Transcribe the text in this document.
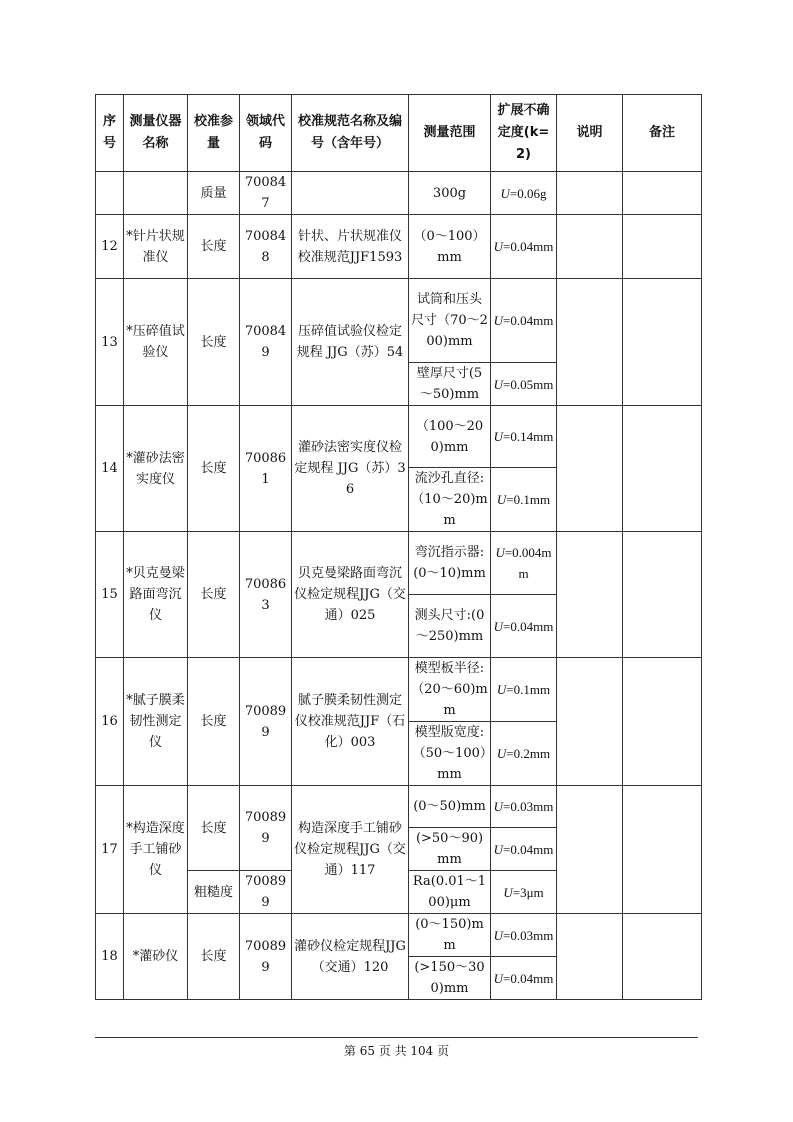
序号	测量仪器名称	校准参量	领域代码	校准规范名称及编号（含年号）	测量范围	扩展不确定度(k=2)	说明	备注
		质量	700847		300g	U=0.06g		
12	*针片状规准仪	长度	700848	针状、片状规准仪校准规范JJF1593	（0～100）mm	U=0.04mm		
13	*压碎值试验仪	长度	700849	压碎值试验仪检定规程 JJG（苏）54	试筒和压头尺寸（70～200)mm	U=0.04mm		
					壁厚尺寸(5～50)mm	U=0.05mm		
14	*灌砂法密实度仪	长度	700861	灌砂法密实度仪检定规程 JJG（苏）36	（100～200)mm	U=0.14mm		
					流沙孔直径:（10～20)mm	U=0.1mm		
15	*贝克曼梁路面弯沉仪	长度	700863	贝克曼梁路面弯沉仪检定规程JJG（交通）025	弯沉指示器:(0～10)mm	U=0.004mm		
					测头尺寸:(0～250)mm	U=0.04mm		
16	*腻子膜柔韧性测定仪	长度	700899	腻子膜柔韧性测定仪校准规范JJF（石化）003	模型板半径:（20～60)mm	U=0.1mm		
					模型版宽度:（50～100）mm	U=0.2mm		
17	*构造深度手工铺砂仪	长度	700899	构造深度手工铺砂仪检定规程JJG（交通）117	(0～50)mm	U=0.03mm		
					(>50～90)mm	U=0.04mm		
		粗糙度	700899		Ra(0.01～100)μm	U=3μm		
18	*灌砂仪	长度	700899	灌砂仪检定规程JJG（交通）120	(0～150)mm	U=0.03mm		
					(>150～300)mm	U=0.04mm		
第 65 页 共 104 页
